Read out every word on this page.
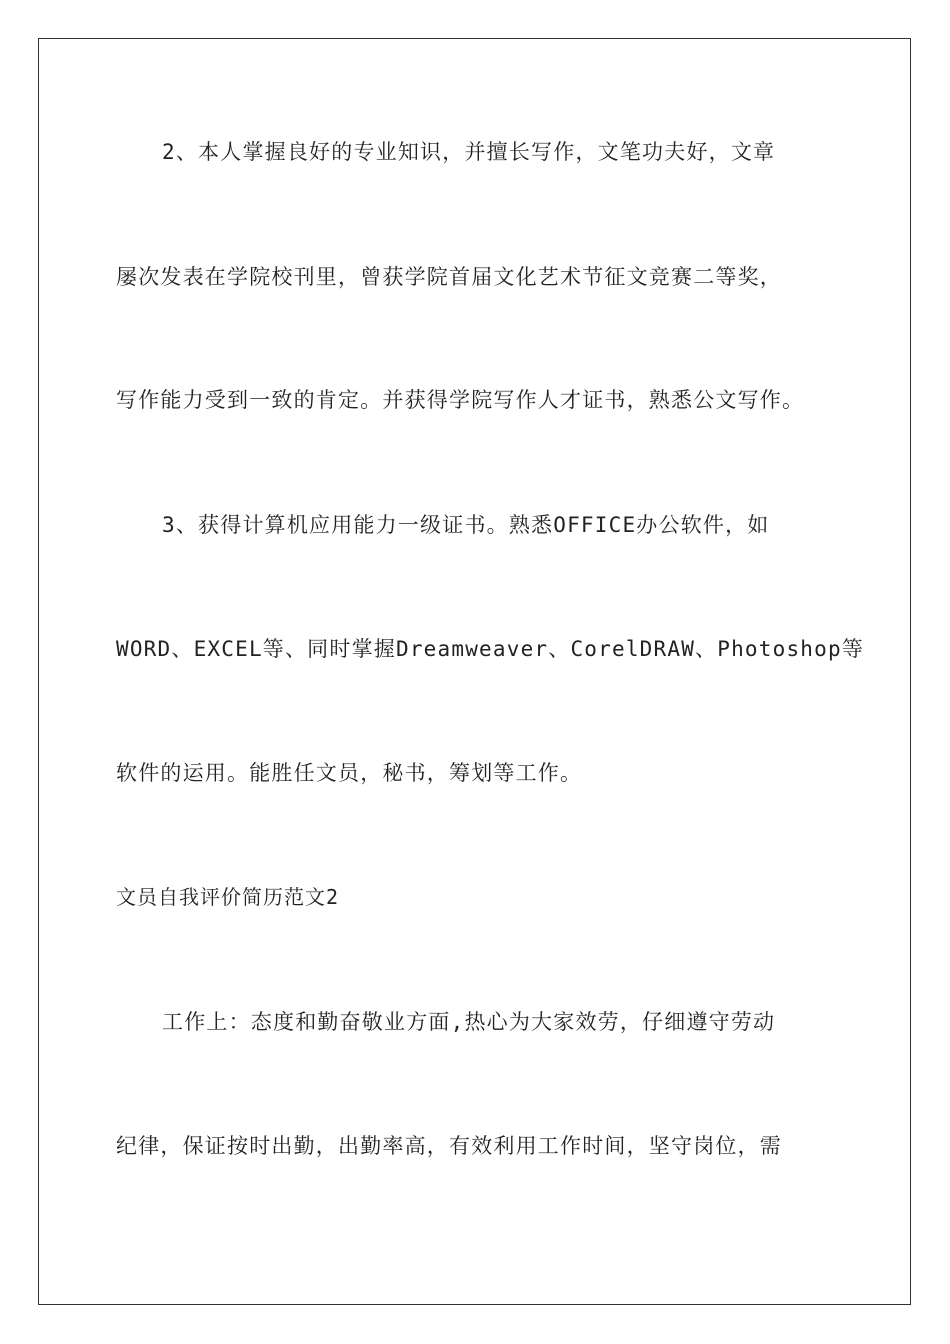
2、本人掌握良好的专业知识，并擅长写作，文笔功夫好，文章
屡次发表在学院校刊里，曾获学院首届文化艺术节征文竞赛二等奖，
写作能力受到一致的肯定。并获得学院写作人才证书，熟悉公文写作。
3、获得计算机应用能力一级证书。熟悉OFFICE办公软件，如
WORD、EXCEL等、同时掌握Dreamweaver、CorelDRAW、Photoshop等
软件的运用。能胜任文员，秘书，筹划等工作。
文员自我评价简历范文2
工作上：态度和勤奋敬业方面,热心为大家效劳，仔细遵守劳动
纪律，保证按时出勤，出勤率高，有效利用工作时间，坚守岗位，需
